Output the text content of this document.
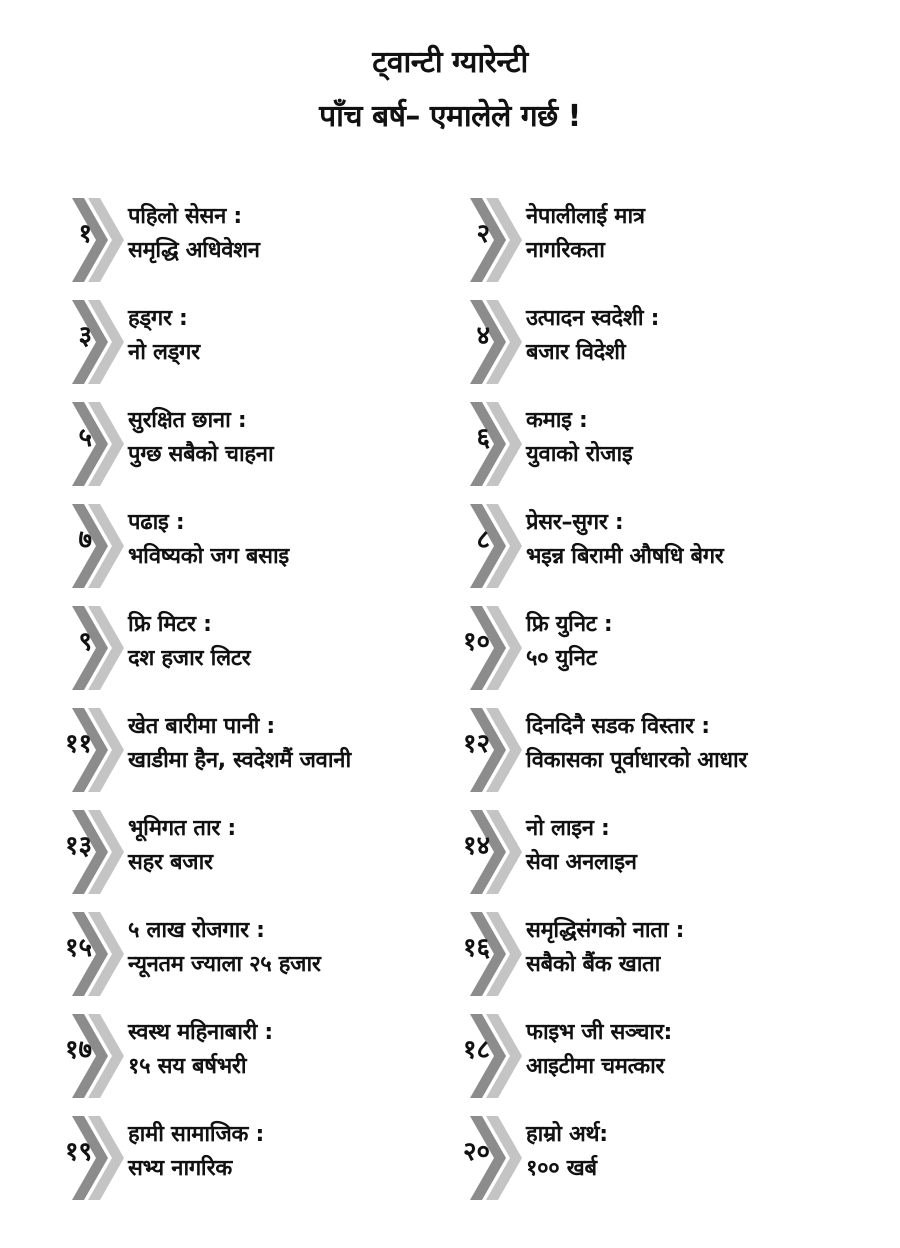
ट्वान्टी ग्यारेन्टी
पाँच बर्ष– एमालेले गर्छ !
१
पहिलो सेसन :
समृद्धि अधिवेशन
२
नेपालीलाई मात्र
नागरिकता
३
हड्गर :
नो लड्गर
४
उत्पादन स्वदेशी :
बजार विदेशी
५
सुरक्षित छाना :
पुग्छ सबैको चाहना
६
कमाइ :
युवाको रोजाइ
७
पढाइ :
भविष्यको जग बसाइ
८
प्रेसर–सुगर :
भइन्न बिरामी औषधि बेगर
९
फ्रि मिटर :
दश हजार लिटर
१०
फ्रि युनिट :
५० युनिट
११
खेत बारीमा पानी :
खाडीमा हैन, स्वदेशमैं जवानी
१२
दिनदिनै सडक विस्तार :
विकासका पूर्वाधारको आधार
१३
भूमिगत तार :
सहर बजार
१४
नो लाइन :
सेवा अनलाइन
१५
५ लाख रोजगार :
न्यूनतम ज्याला २५ हजार
१६
समृद्धिसंगको नाता :
सबैको बैंक खाता
१७
स्वस्थ महिनाबारी :
१५ सय बर्षभरी
१८
फाइभ जी सञ्चार:
आइटीमा चमत्कार
१९
हामी सामाजिक :
सभ्य नागरिक
२०
हाम्रो अर्थ:
१०० खर्ब
